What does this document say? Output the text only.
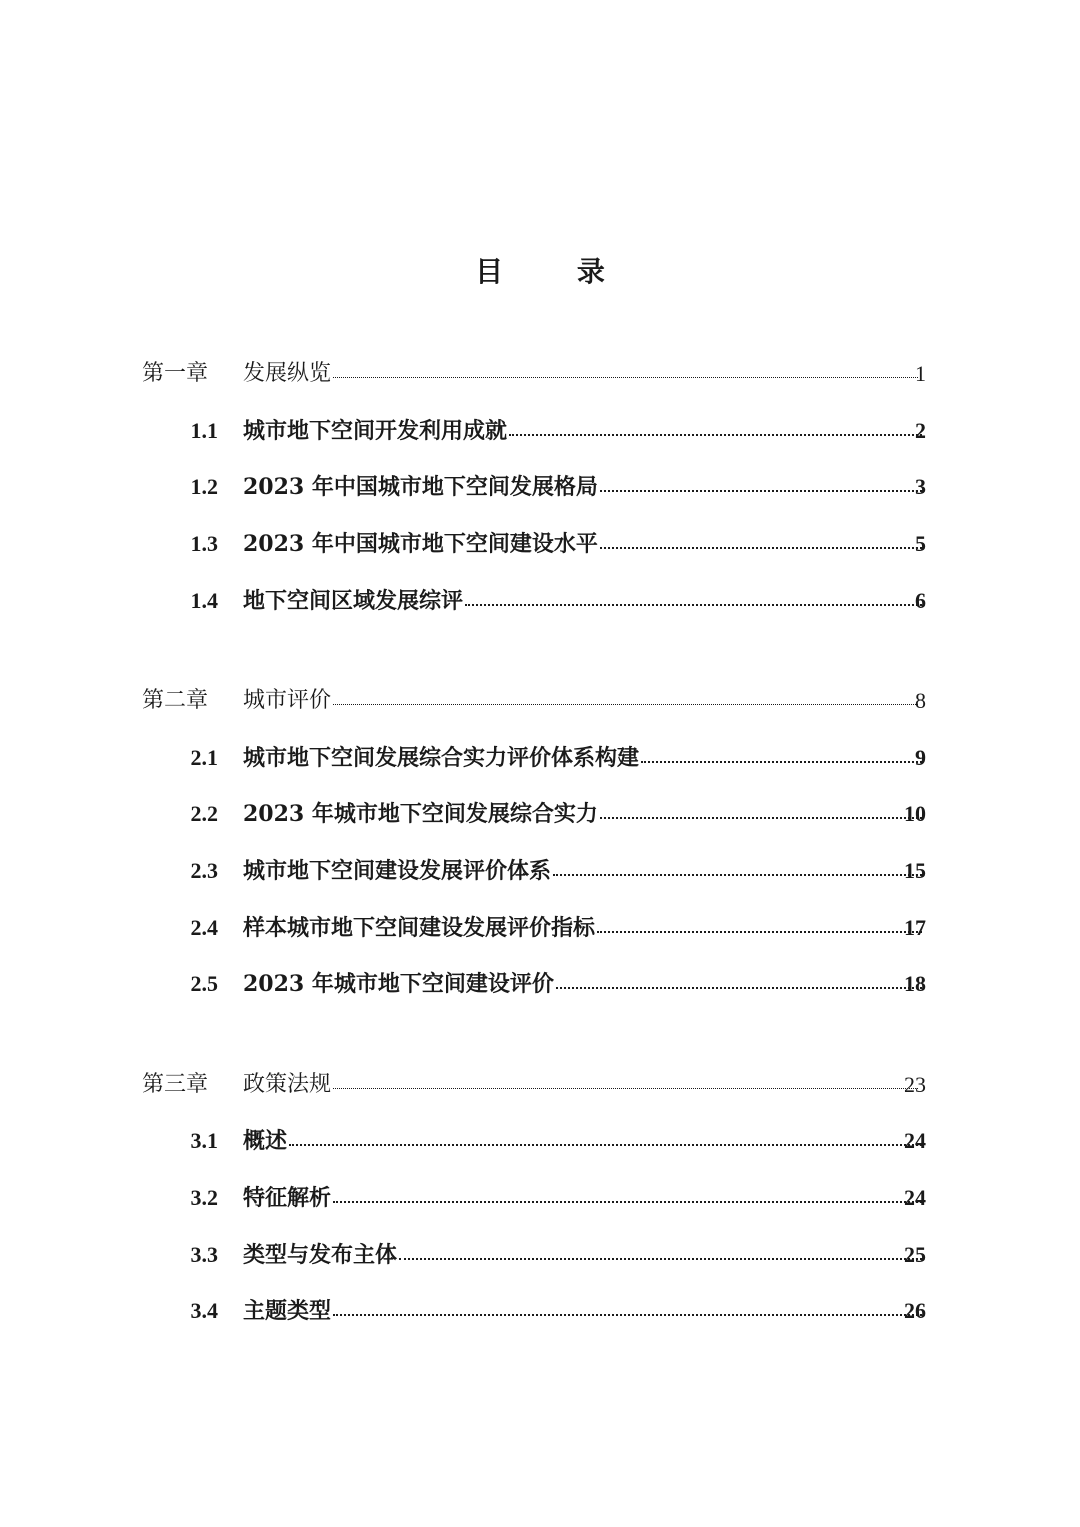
目 录
第一章 发展纵览	1
1.1 城市地下空间开发利用成就	2
1.2 2023 年中国城市地下空间发展格局	3
1.3 2023 年中国城市地下空间建设水平	5
1.4 地下空间区域发展综评	6
第二章 城市评价	8
2.1 城市地下空间发展综合实力评价体系构建	9
2.2 2023 年城市地下空间发展综合实力	10
2.3 城市地下空间建设发展评价体系	15
2.4 样本城市地下空间建设发展评价指标	17
2.5 2023 年城市地下空间建设评价	18
第三章 政策法规	23
3.1 概述	24
3.2 特征解析	24
3.3 类型与发布主体	25
3.4 主题类型	26
